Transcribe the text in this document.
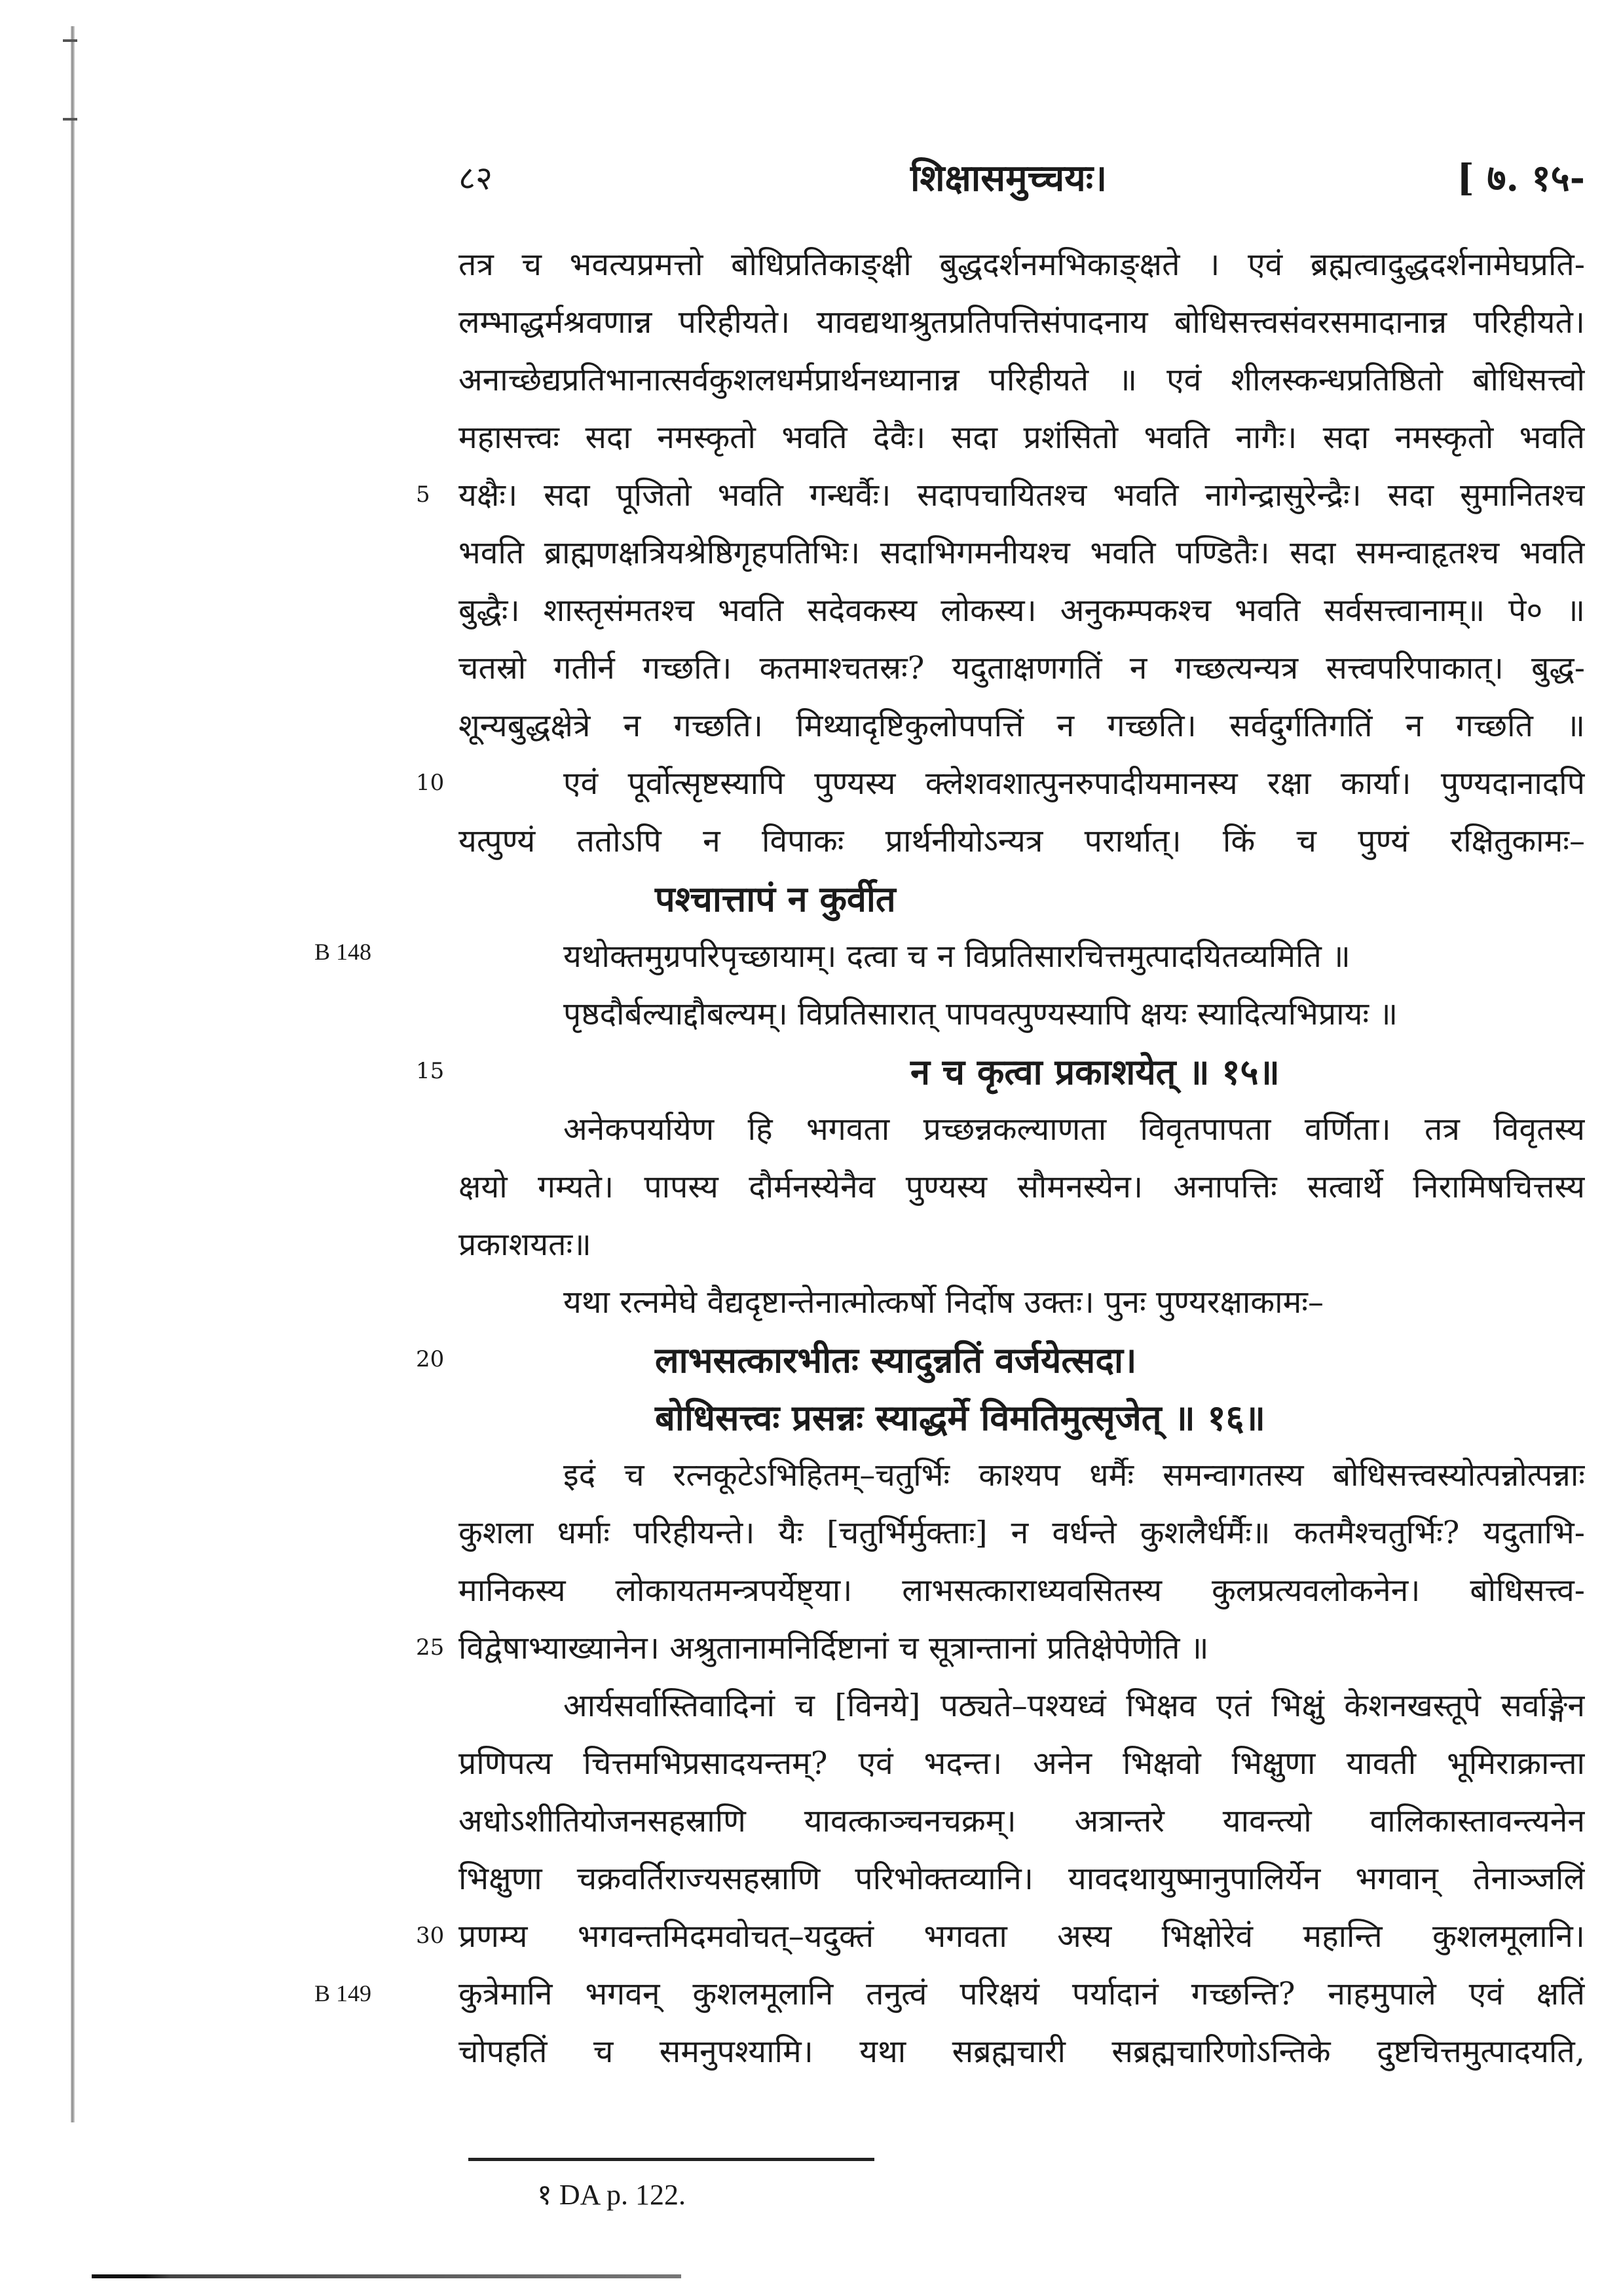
८२	शिक्षासमुच्चयः।	[ ७. १५-
तत्र च भवत्यप्रमत्तो बोधिप्रतिकाङ्क्षी बुद्धदर्शनमभिकाङ्क्षते । एवं ब्रह्मत्वादुद्धदर्शनामेघप्रति-
लम्भाद्धर्मश्रवणान्न परिहीयते। यावद्यथाश्रुतप्रतिपत्तिसंपादनाय बोधिसत्त्वसंवरसमादानान्न परिहीयते।
अनाच्छेद्यप्रतिभानात्सर्वकुशलधर्मप्रार्थनध्यानान्न परिहीयते ॥ एवं शीलस्कन्धप्रतिष्ठितो बोधिसत्त्वो
महासत्त्वः सदा नमस्कृतो भवति देवैः। सदा प्रशंसितो भवति नागैः। सदा नमस्कृतो भवति
यक्षैः। सदा पूजितो भवति गन्धर्वैः। सदापचायितश्च भवति नागेन्द्रासुरेन्द्रैः। सदा सुमानितश्च
भवति ब्राह्मणक्षत्रियश्रेष्ठिगृहपतिभिः। सदाभिगमनीयश्च भवति पण्डितैः। सदा समन्वाहृतश्च भवति
बुद्धैः। शास्तृसंमतश्च भवति सदेवकस्य लोकस्य। अनुकम्पकश्च भवति सर्वसत्त्वानाम्॥ पे० ॥
चतस्रो गतीर्न गच्छति। कतमाश्चतस्रः? यदुताक्षणगतिं न गच्छत्यन्यत्र सत्त्वपरिपाकात्। बुद्ध-
शून्यबुद्धक्षेत्रे न गच्छति। मिथ्यादृष्टिकुलोपपत्तिं न गच्छति। सर्वदुर्गतिगतिं न गच्छति ॥
एवं पूर्वोत्सृष्टस्यापि पुण्यस्य क्लेशवशात्पुनरुपादीयमानस्य रक्षा कार्या। पुण्यदानादपि
यत्पुण्यं ततोऽपि न विपाकः प्रार्थनीयोऽन्यत्र परार्थात्। किं च पुण्यं रक्षितुकामः–
पश्चात्तापं न कुर्वीत
यथोक्तमुग्रपरिपृच्छायाम्। दत्वा च न विप्रतिसारचित्तमुत्पादयितव्यमिति ॥
पृष्ठदौर्बल्याद्दौबल्यम्। विप्रतिसारात् पापवत्पुण्यस्यापि क्षयः स्यादित्यभिप्रायः ॥
न च कृत्वा प्रकाशयेत् ॥ १५॥
अनेकपर्यायेण हि भगवता प्रच्छन्नकल्याणता विवृतपापता वर्णिता। तत्र विवृतस्य
क्षयो गम्यते। पापस्य दौर्मनस्येनैव पुण्यस्य सौमनस्येन। अनापत्तिः सत्वार्थे निरामिषचित्तस्य
प्रकाशयतः॥
यथा रत्नमेघे वैद्यदृष्टान्तेनात्मोत्कर्षो निर्दोष उक्तः। पुनः पुण्यरक्षाकामः–
लाभसत्कारभीतः स्यादुन्नतिं वर्जयेत्सदा।
बोधिसत्त्वः प्रसन्नः स्याद्धर्मे विमतिमुत्सृजेत् ॥ १६॥
इदं च रत्नकूटेऽभिहितम्–चतुर्भिः काश्यप धर्मैः समन्वागतस्य बोधिसत्त्वस्योत्पन्नोत्पन्नाः
कुशला धर्माः परिहीयन्ते। यैः [चतुर्भिर्मुक्ताः] न वर्धन्ते कुशलैर्धर्मैः॥ कतमैश्चतुर्भिः? यदुताभि-
मानिकस्य लोकायतमन्त्रपर्येष्ट्या। लाभसत्काराध्यवसितस्य कुलप्रत्यवलोकनेन। बोधिसत्त्व-
विद्वेषाभ्याख्यानेन। अश्रुतानामनिर्दिष्टानां च सूत्रान्तानां प्रतिक्षेपेणेति ॥
आर्यसर्वास्तिवादिनां च [विनये] पठ्यते–पश्यध्वं भिक्षव एतं भिक्षुं केशनखस्तूपे सर्वाङ्गेन
प्रणिपत्य चित्तमभिप्रसादयन्तम्? एवं भदन्त। अनेन भिक्षवो भिक्षुणा यावती भूमिराक्रान्ता
अधोऽशीतियोजनसहस्राणि यावत्काञ्चनचक्रम्। अत्रान्तरे यावन्त्यो वालिकास्तावन्त्यनेन
भिक्षुणा चक्रवर्तिराज्यसहस्राणि परिभोक्तव्यानि। यावदथायुष्मानुपालिर्येन भगवान् तेनाञ्जलिं
प्रणम्य भगवन्तमिदमवोचत्–यदुक्तं भगवता अस्य भिक्षोरेवं महान्ति कुशलमूलानि।
कुत्रेमानि भगवन् कुशलमूलानि तनुत्वं परिक्षयं पर्यादानं गच्छन्ति? नाहमुपाले एवं क्षतिं
चोपहतिं च समनुपश्यामि। यथा सब्रह्मचारी सब्रह्मचारिणोऽन्तिके दुष्टचित्तमुत्पादयति,
5
10
15
20
25
30
B 148
B 149
१ DA p. 122.
